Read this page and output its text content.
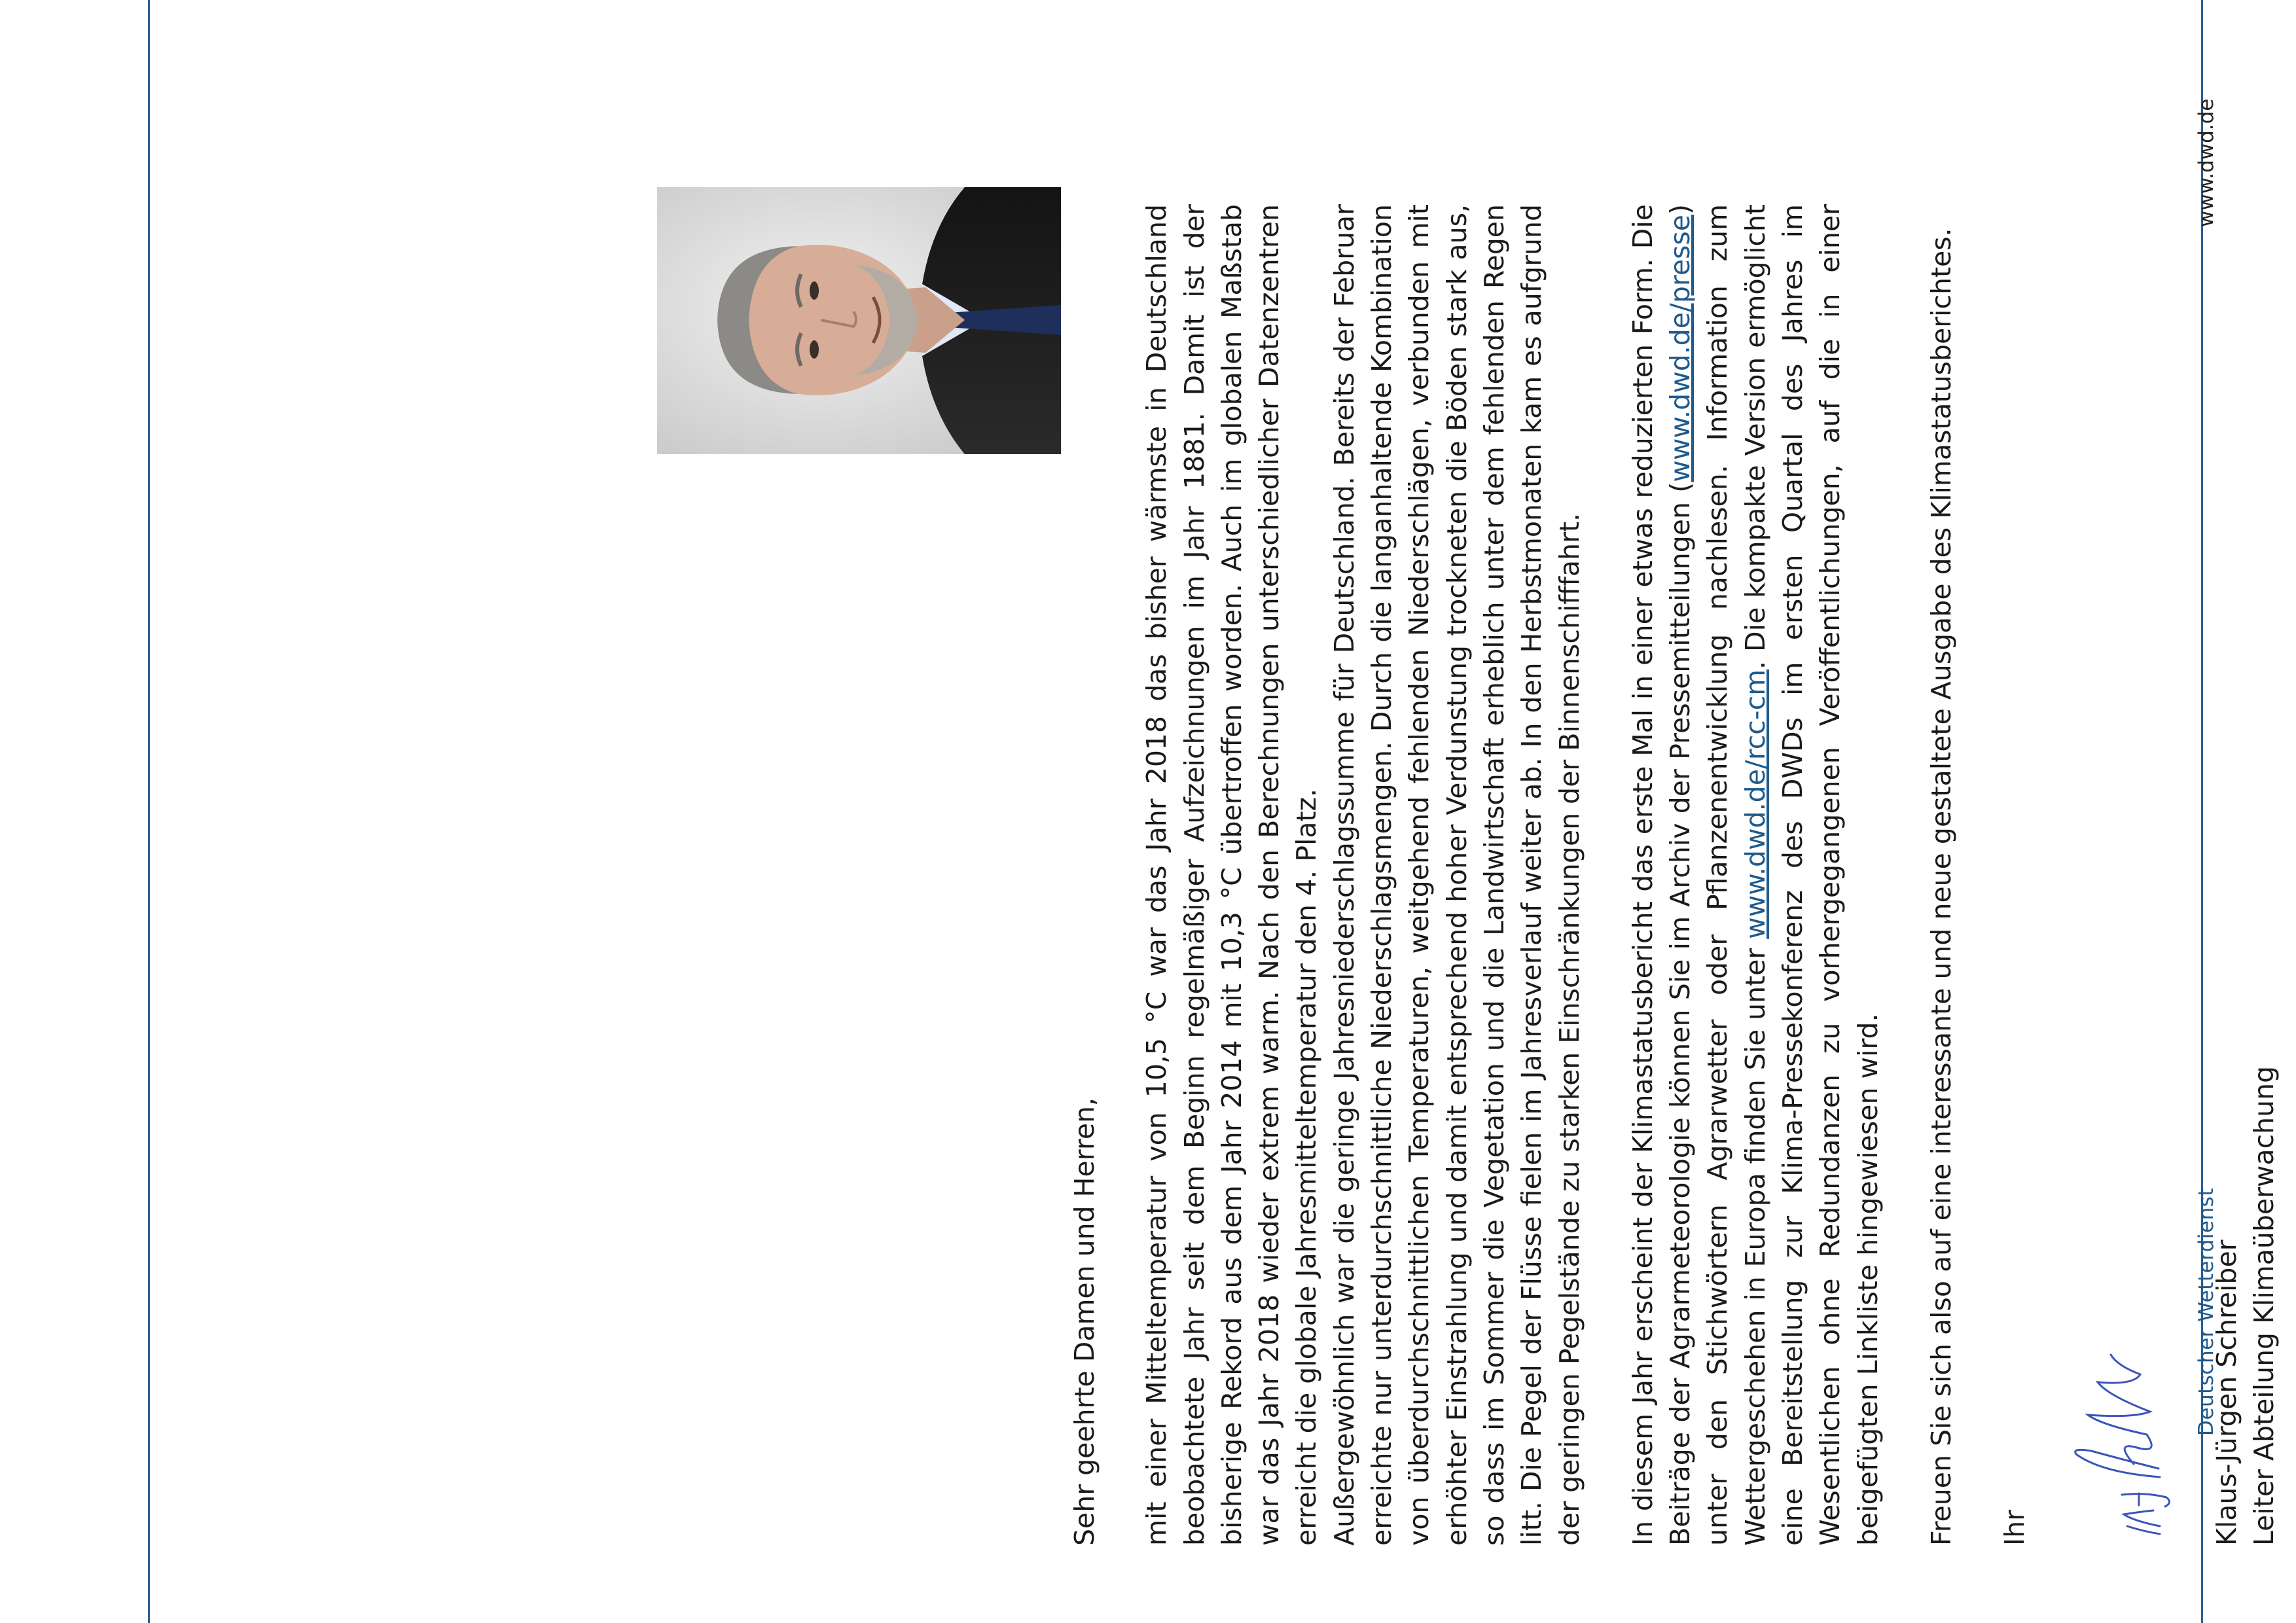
Sehr geehrte Damen und Herren, mit einer Mitteltemperatur von 10,5 °C war das Jahr 2018 das bisher wärmste in Deutschland beobachtete Jahr seit dem Beginn regelmäßiger Aufzeichnungen im Jahr 1881. Damit ist der bisherige Rekord aus dem Jahr 2014 mit 10,3 °C übertroffen worden. Auch im globalen Maßstab war das Jahr 2018 wieder extrem warm. Nach den Berechnungen unterschiedlicher Datenzentren erreicht die globale Jahresmitteltemperatur den 4. Platz. Außergewöhnlich war die geringe Jahresniederschlagssumme für Deutschland. Bereits der Februar erreichte nur unterdurchschnittliche Niederschlagsmengen. Durch die langanhaltende Kombination von überdurchschnittlichen Temperaturen, weitgehend fehlenden Niederschlägen, verbunden mit erhöhter Einstrahlung und damit entsprechend hoher Verdunstung trockneten die Böden stark aus, so dass im Sommer die Vegetation und die Landwirtschaft erheblich unter dem fehlenden Regen litt. Die Pegel der Flüsse fielen im Jahresverlauf weiter ab. In den Herbstmonaten kam es aufgrund der geringen Pegelstände zu starken Einschränkungen der Binnenschifffahrt. In diesem Jahr erscheint der Klimastatusbericht das erste Mal in einer etwas reduzierten Form. Die Beiträge der Agrarmeteorologie können Sie im Archiv der Pressemitteilungen (www.dwd.de/presse) unter den Stichwörtern Agrarwetter oder Pflanzenentwicklung nachlesen. Information zum Wettergeschehen in Europa finden Sie unter www.dwd.de/rcc-cm. Die kompakte Version ermöglicht eine Bereitstellung zur Klima-Pressekonferenz des DWDs im ersten Quartal des Jahres im Wesentlichen ohne Redundanzen zu vorhergegangenen Veröffentlichungen, auf die in einer beigefügten Linkliste hingewiesen wird. Freuen Sie sich also auf eine interessante und neue gestaltete Ausgabe des Klimastatusberichtes. Ihr	Klaus-Jürgen Schreiber Leiter Abteilung Klimaüberwachung

Deutscher Wetterdienst
www.dwd.de
